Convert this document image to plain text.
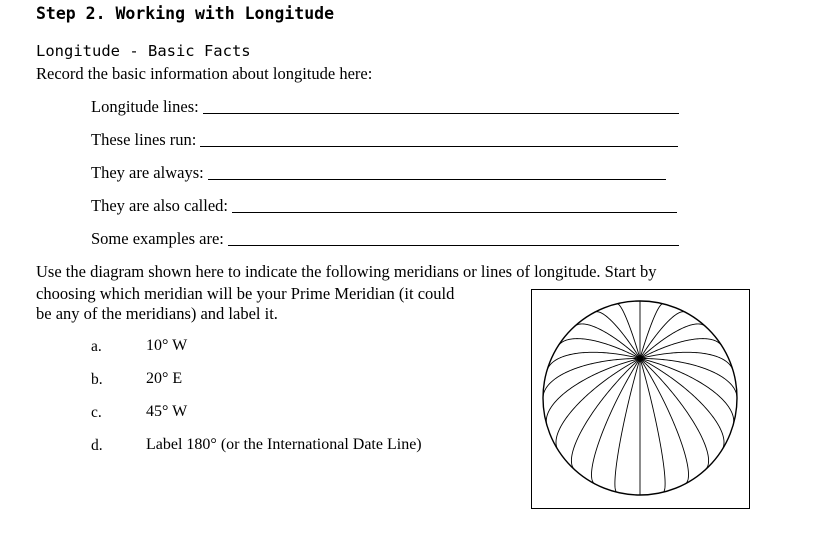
Step 2. Working with Longitude
Longitude - Basic Facts
Record the basic information about longitude here:
Longitude lines:
These lines run:
They are always:
They are also called:
Some examples are:
Use the diagram shown here to indicate the following meridians or lines of longitude. Start by
choosing which meridian will be your Prime Meridian (it could
be any of the meridians) and label it.
a.	10° W
b.	20° E
c.	45° W
d.	Label 180° (or the International Date Line)
